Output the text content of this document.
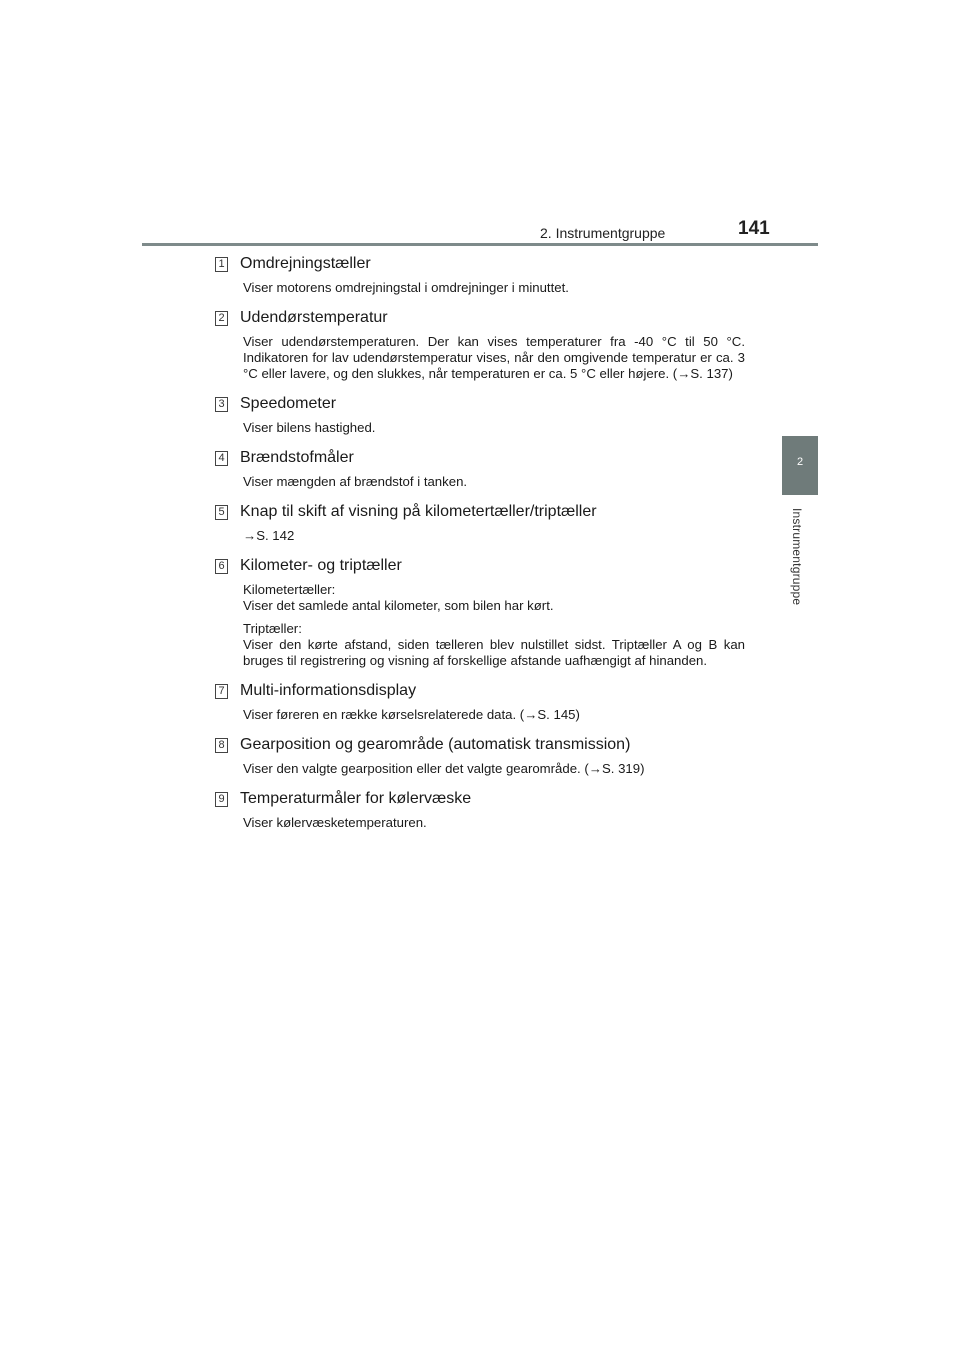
2. Instrumentgruppe	141
2
Instrumentgruppe
1 Omdrejningstæller

Viser motorens omdrejningstal i omdrejninger i minuttet.

2 Udendørstemperatur

Viser udendørstemperaturen. Der kan vises temperaturer fra -40 °C til 50 °C. Indikatoren for lav udendørstemperatur vises, når den omgivende temperatur er ca. 3 °C eller lavere, og den slukkes, når temperaturen er ca. 5 °C eller højere. (→S. 137)

3 Speedometer

Viser bilens hastighed.

4 Brændstofmåler

Viser mængden af brændstof i tanken.

5 Knap til skift af visning på kilometertæller/triptæller

→S. 142

6 Kilometer- og triptæller

Kilometertæller:
Viser det samlede antal kilometer, som bilen har kørt.

Triptæller:
Viser den kørte afstand, siden tælleren blev nulstillet sidst. Triptæller A og B kan bruges til registrering og visning af forskellige afstande uafhængigt af hinanden.

7 Multi-informationsdisplay

Viser føreren en række kørselsrelaterede data. (→S. 145)

8 Gearposition og gearområde (automatisk transmission)

Viser den valgte gearposition eller det valgte gearområde. (→S. 319)

9 Temperaturmåler for kølervæske

Viser kølervæsketemperaturen.
